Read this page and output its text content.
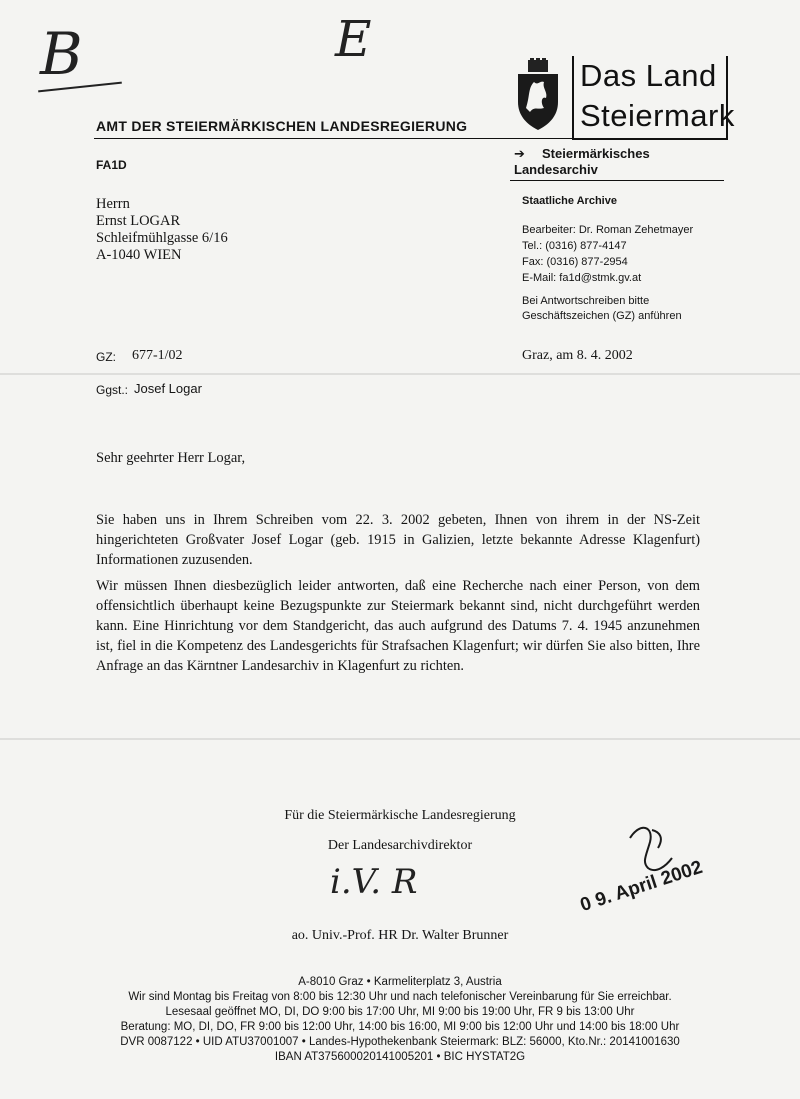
B	E
Das Land
Steiermark
AMT DER STEIERMÄRKISCHEN LANDESREGIERUNG
FA1D
➔ Steiermärkisches
Landesarchiv
Staatliche Archive
Bearbeiter: Dr. Roman Zehetmayer
Tel.: (0316) 877-4147
Fax: (0316) 877-2954
E-Mail: fa1d@stmk.gv.at
Bei Antwortschreiben bitte
Geschäftszeichen (GZ) anführen
Herrn
Ernst LOGAR
Schleifmühlgasse 6/16
A-1040 WIEN
GZ: 677-1/02	Graz, am 8. 4. 2002
Ggst.: Josef Logar
Sehr geehrter Herr Logar,
Sie haben uns in Ihrem Schreiben vom 22. 3. 2002 gebeten, Ihnen von ihrem in der NS-Zeit hingerichteten Großvater Josef Logar (geb. 1915 in Galizien, letzte bekannte Adresse Klagenfurt) Informationen zuzusenden.
Wir müssen Ihnen diesbezüglich leider antworten, daß eine Recherche nach einer Person, von dem offensichtlich überhaupt keine Bezugspunkte zur Steiermark bekannt sind, nicht durchgeführt werden kann. Eine Hinrichtung vor dem Standgericht, das auch aufgrund des Datums 7. 4. 1945 anzunehmen ist, fiel in die Kompetenz des Landesgerichts für Strafsachen Klagenfurt; wir dürfen Sie also bitten, Ihre Anfrage an das Kärntner Landesarchiv in Klagenfurt zu richten.
Für die Steiermärkische Landesregierung
Der Landesarchivdirektor
i.V. R
ao. Univ.-Prof. HR Dr. Walter Brunner
0 9. April 2002
A-8010 Graz • Karmeliterplatz 3, Austria
Wir sind Montag bis Freitag von 8:00 bis 12:30 Uhr und nach telefonischer Vereinbarung für Sie erreichbar.
Lesesaal geöffnet MO, DI, DO 9:00 bis 17:00 Uhr, MI 9:00 bis 19:00 Uhr, FR 9 bis 13:00 Uhr
Beratung: MO, DI, DO, FR 9:00 bis 12:00 Uhr, 14:00 bis 16:00, MI 9:00 bis 12:00 Uhr und 14:00 bis 18:00 Uhr
DVR 0087122 • UID ATU37001007 • Landes-Hypothekenbank Steiermark: BLZ: 56000, Kto.Nr.: 20141001630
IBAN AT375600020141005201 • BIC HYSTAT2G
